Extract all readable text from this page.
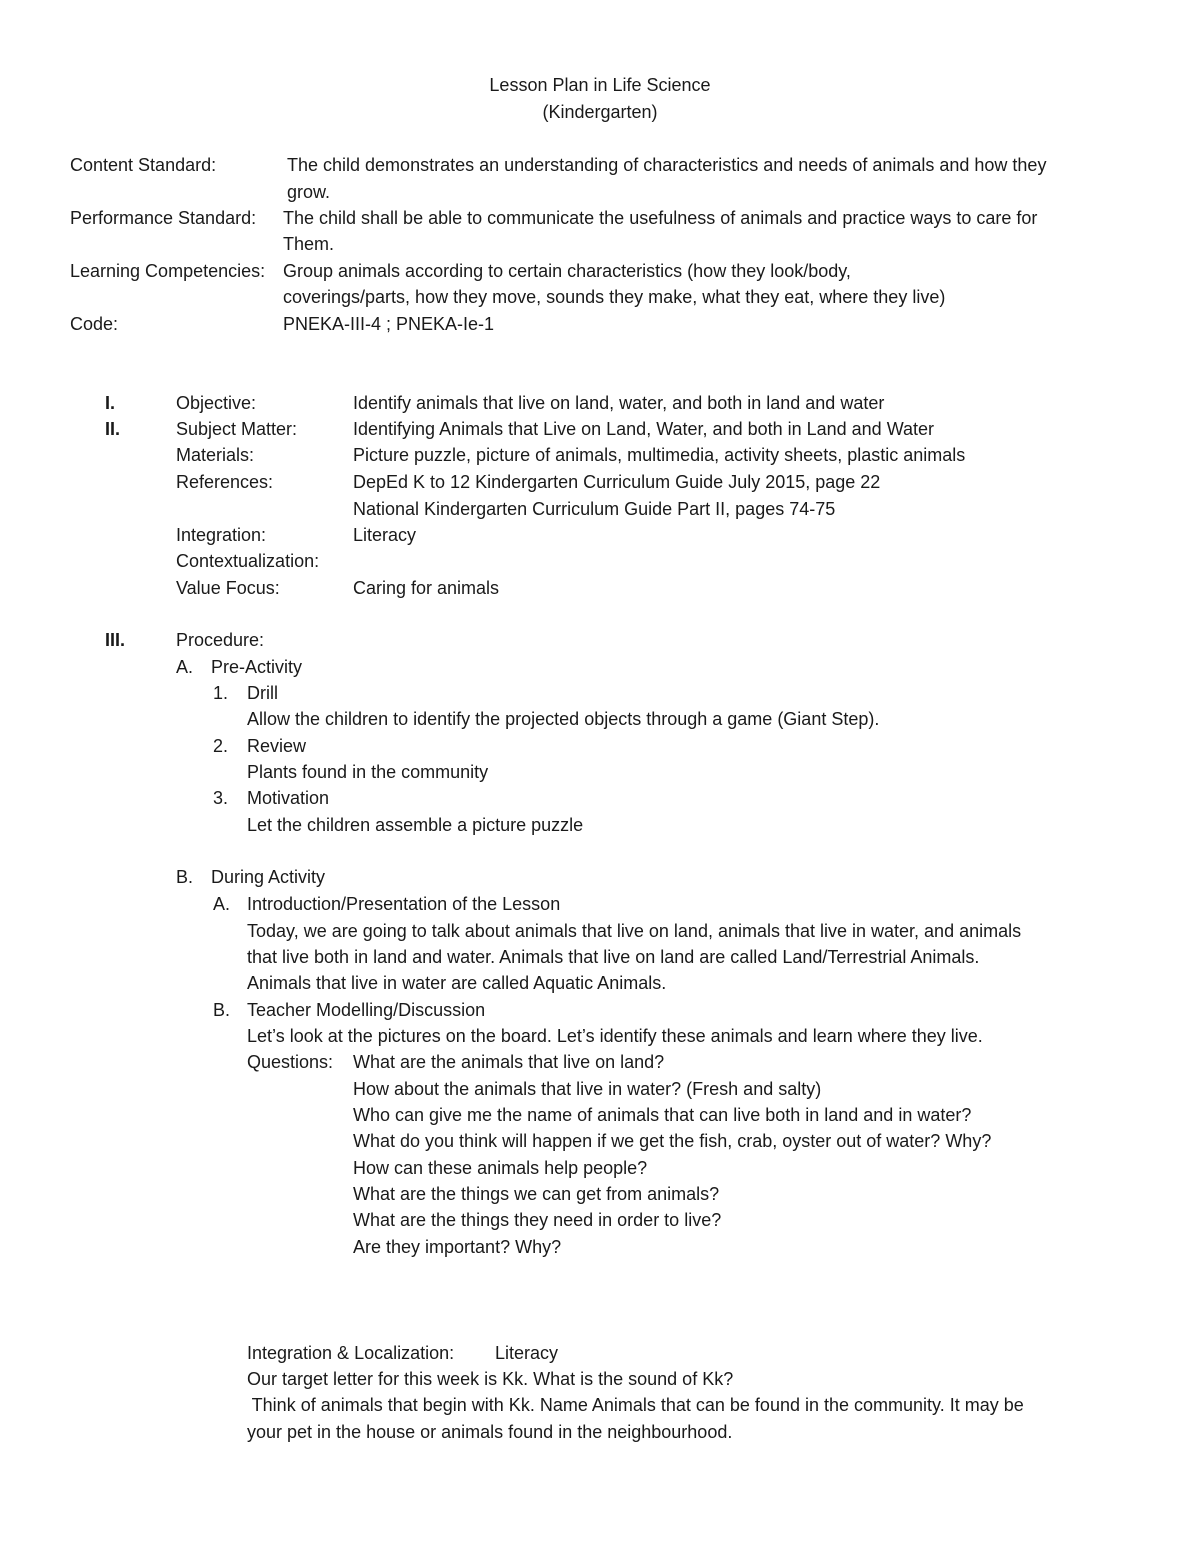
Lesson Plan in Life Science
(Kindergarten)
Content Standard:	The child demonstrates an understanding of characteristics and needs of animals and how they
grow.
Performance Standard: The child shall be able to communicate the usefulness of animals and practice ways to care for
Them.
Learning Competencies: Group animals according to certain characteristics (how they look/body,
coverings/parts, how they move, sounds they make, what they eat, where they live)
Code:	PNEKA-III-4 ; PNEKA-Ie-1
I.	Objective:	Identify animals that live on land, water, and both in land and water
II.	Subject Matter:	Identifying Animals that Live on Land, Water, and both in Land and Water
Materials:	Picture puzzle, picture of animals, multimedia, activity sheets, plastic animals
References:	DepEd K to 12 Kindergarten Curriculum Guide July 2015, page 22
National Kindergarten Curriculum Guide Part II, pages 74-75
Integration:	Literacy
Contextualization:
Value Focus:	Caring for animals
III.	Procedure:
A. Pre-Activity
1. Drill
Allow the children to identify the projected objects through a game (Giant Step).
2. Review
Plants found in the community
3. Motivation
Let the children assemble a picture puzzle
B. During Activity
A. Introduction/Presentation of the Lesson
Today, we are going to talk about animals that live on land, animals that live in water, and animals
that live both in land and water. Animals that live on land are called Land/Terrestrial Animals.
Animals that live in water are called Aquatic Animals.
B. Teacher Modelling/Discussion
Let’s look at the pictures on the board. Let’s identify these animals and learn where they live.
Questions: What are the animals that live on land?
How about the animals that live in water? (Fresh and salty)
Who can give me the name of animals that can live both in land and in water?
What do you think will happen if we get the fish, crab, oyster out of water? Why?
How can these animals help people?
What are the things we can get from animals?
What are the things they need in order to live?
Are they important? Why?
Integration & Localization: Literacy
Our target letter for this week is Kk. What is the sound of Kk?
Think of animals that begin with Kk. Name Animals that can be found in the community. It may be
your pet in the house or animals found in the neighbourhood.
